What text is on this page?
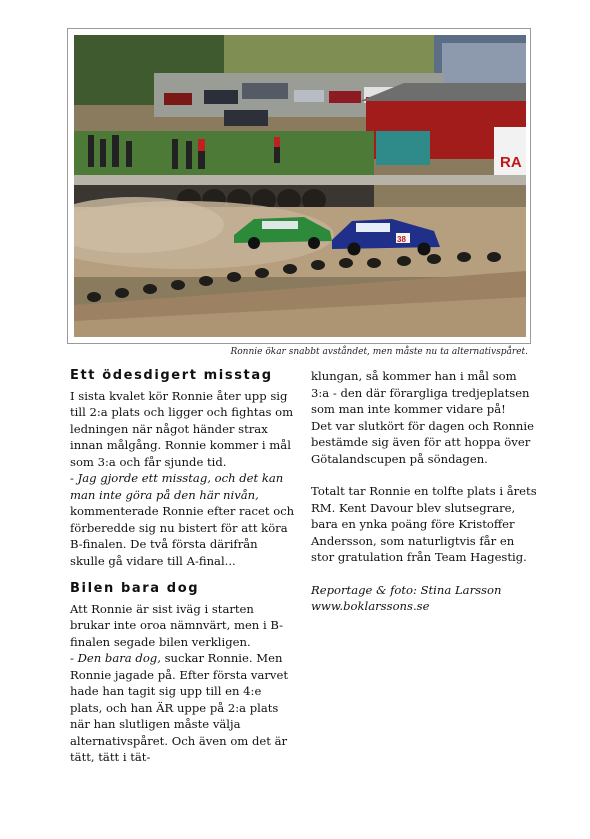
RA
38
Ronnie ökar snabbt avståndet, men måste nu ta alternativspåret.
Ett ödesdigert misstag

I sista kvalet kör Ronnie åter upp sig till 2:a plats och ligger och fightas om ledningen när något händer strax innan målgång. Ronnie kommer i mål som 3:a och får sjunde tid.

- Jag gjorde ett misstag, och det kan man inte göra på den här nivån, kommenterade Ronnie efter racet och förberedde sig nu bistert för att köra B-finalen. De två första därifrån skulle gå vidare till A-final...

Bilen bara dog

Att Ronnie är sist iväg i starten brukar inte oroa nämnvärt, men i B-finalen segade bilen verkligen.

- Den bara dog, suckar Ronnie. Men Ronnie jagade på. Efter första varvet hade han tagit sig upp till en 4:e plats, och han ÄR uppe på 2:a plats när han slutligen måste välja alternativspåret. Och även om det är tätt, tätt i tät-

klungan, så kommer han i mål som 3:a - den där förargliga tredjeplatsen som man inte kommer vidare på!

Det var slutkört för dagen och Ronnie bestämde sig även för att hoppa över Götalandscupen på söndagen.

Totalt tar Ronnie en tolfte plats i årets RM. Kent Davour blev slutsegrare, bara en ynka poäng före Kristoffer Andersson, som naturligtvis får en stor gratulation från Team Hagestig.

Reportage & foto: Stina Larsson

www.boklarssons.se
